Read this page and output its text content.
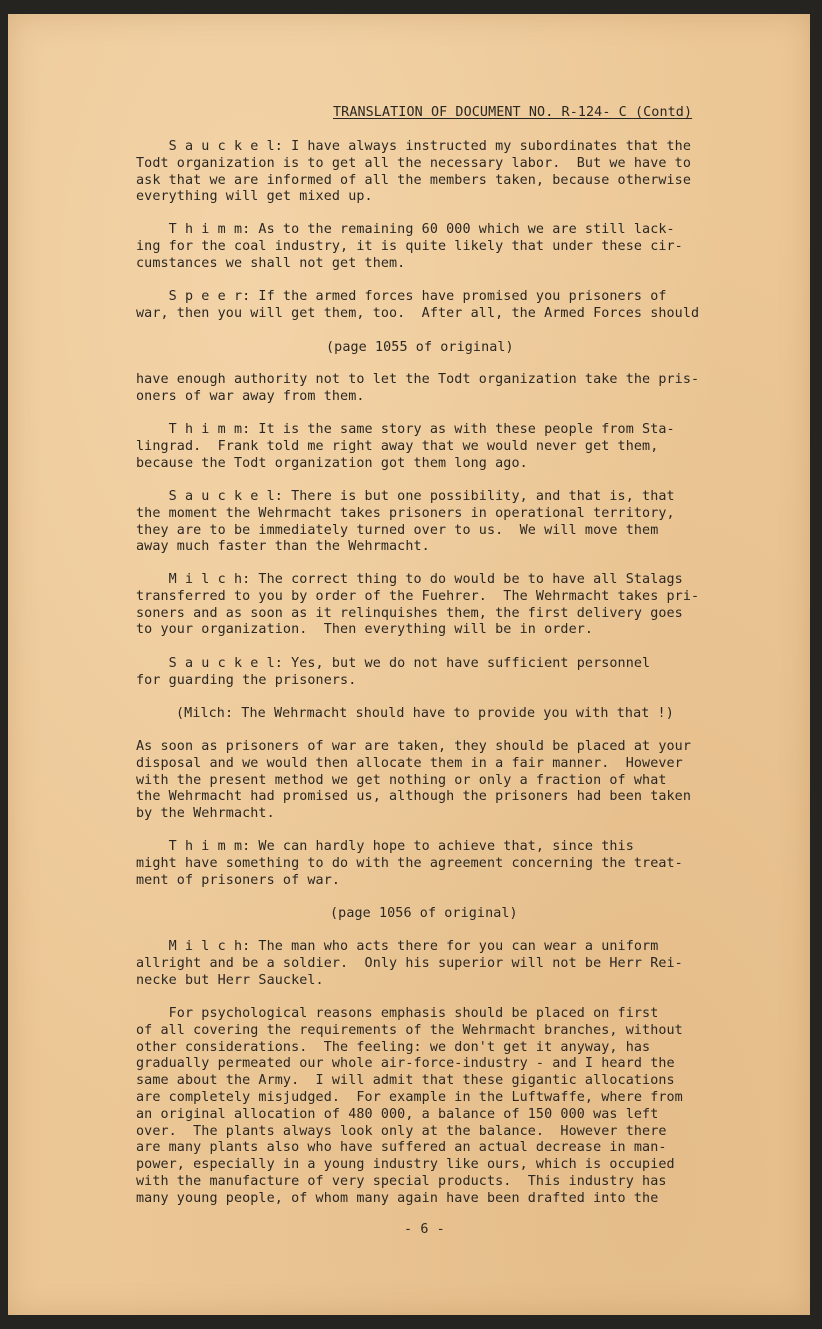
TRANSLATION OF DOCUMENT NO. R-124- C (Contd)
S a u c k e l: I have always instructed my subordinates that the
Todt organization is to get all the necessary labor.  But we have to
ask that we are informed of all the members taken, because otherwise
everything will get mixed up.
T h i m m: As to the remaining 60 000 which we are still lack-
ing for the coal industry, it is quite likely that under these cir-
cumstances we shall not get them.
S p e e r: If the armed forces have promised you prisoners of
war, then you will get them, too.  After all, the Armed Forces should
(page 1055 of original)
have enough authority not to let the Todt organization take the pris-
oners of war away from them.
T h i m m: It is the same story as with these people from Sta-
lingrad.  Frank told me right away that we would never get them,
because the Todt organization got them long ago.
S a u c k e l: There is but one possibility, and that is, that
the moment the Wehrmacht takes prisoners in operational territory,
they are to be immediately turned over to us.  We will move them
away much faster than the Wehrmacht.
M i l c h: The correct thing to do would be to have all Stalags
transferred to you by order of the Fuehrer.  The Wehrmacht takes pri-
soners and as soon as it relinquishes them, the first delivery goes
to your organization.  Then everything will be in order.
S a u c k e l: Yes, but we do not have sufficient personnel
for guarding the prisoners.
(Milch: The Wehrmacht should have to provide you with that !)
As soon as prisoners of war are taken, they should be placed at your
disposal and we would then allocate them in a fair manner.  However
with the present method we get nothing or only a fraction of what
the Wehrmacht had promised us, although the prisoners had been taken
by the Wehrmacht.
T h i m m: We can hardly hope to achieve that, since this
might have something to do with the agreement concerning the treat-
ment of prisoners of war.
(page 1056 of original)
M i l c h: The man who acts there for you can wear a uniform
allright and be a soldier.  Only his superior will not be Herr Rei-
necke but Herr Sauckel.
For psychological reasons emphasis should be placed on first
of all covering the requirements of the Wehrmacht branches, without
other considerations.  The feeling: we don't get it anyway, has
gradually permeated our whole air-force-industry - and I heard the
same about the Army.  I will admit that these gigantic allocations
are completely misjudged.  For example in the Luftwaffe, where from
an original allocation of 480 000, a balance of 150 000 was left
over.  The plants always look only at the balance.  However there
are many plants also who have suffered an actual decrease in man-
power, especially in a young industry like ours, which is occupied
with the manufacture of very special products.  This industry has
many young people, of whom many again have been drafted into the
- 6 -
